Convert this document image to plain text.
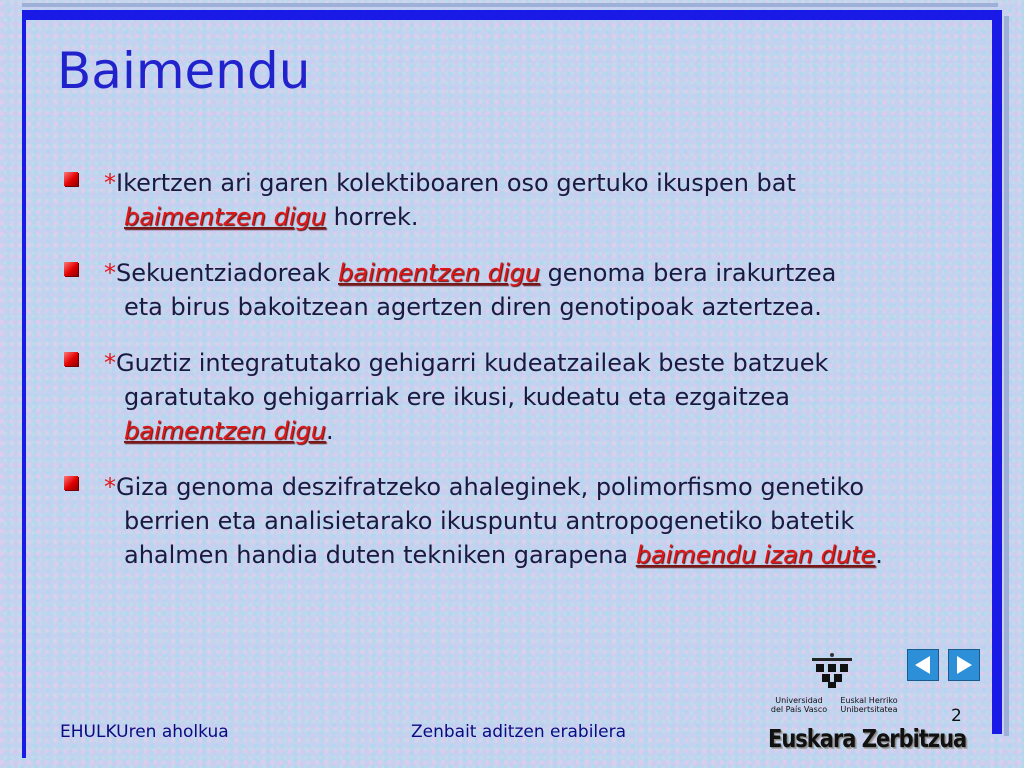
Baimendu
*Ikertzen ari garen kolektiboaren oso gertuko ikuspen bat
baimentzen digu horrek.
*Sekuentziadoreak baimentzen digu genoma bera irakurtzea
eta birus bakoitzean agertzen diren genotipoak aztertzea.
*Guztiz integratutako gehigarri kudeatzaileak beste batzuek
garatutako gehigarriak ere ikusi, kudeatu eta ezgaitzea
baimentzen digu.
*Giza genoma deszifratzeko ahaleginek, polimorfismo genetiko
berrien eta analisietarako ikuspuntu antropogenetiko batetik
ahalmen handia duten tekniken garapena baimendu izan dute.
EHULKUren aholkua	Zenbait aditzen erabilera
2
Universidad
del País Vasco
Euskal Herriko
Unibertsitatea
Euskara Zerbitzua
